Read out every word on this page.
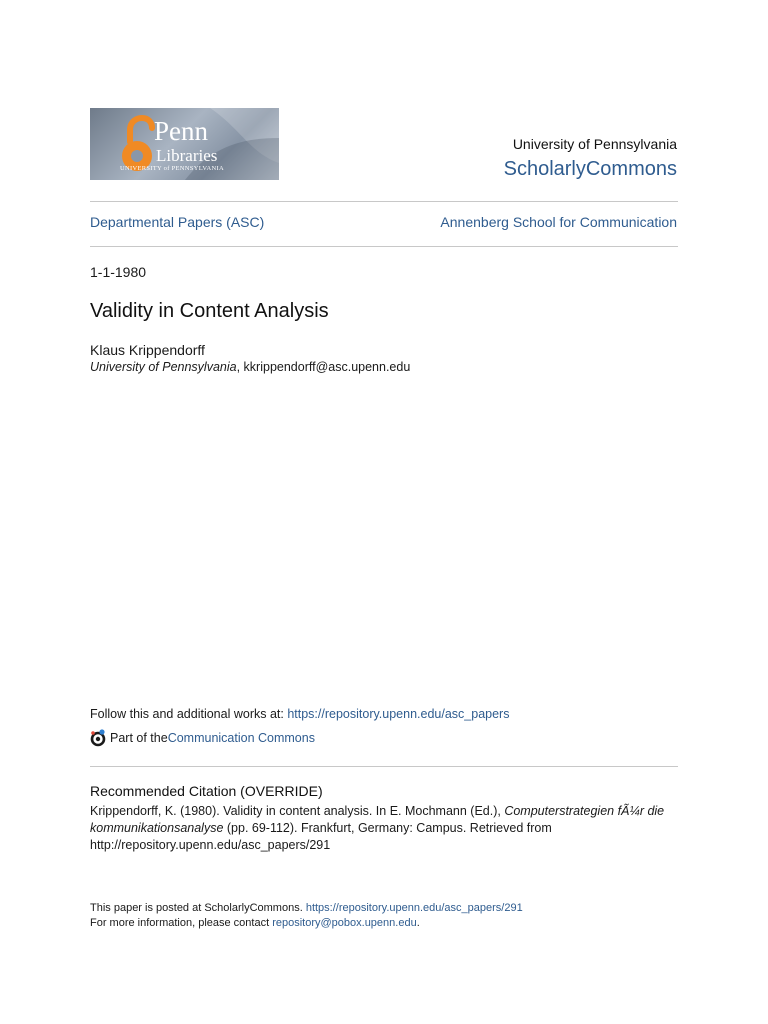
Penn
Libraries
UNIVERSITY of PENNSYLVANIA
University of Pennsylvania
ScholarlyCommons
Departmental Papers (ASC)	Annenberg School for Communication
1-1-1980
Validity in Content Analysis
Klaus Krippendorff
University of Pennsylvania, kkrippendorff@asc.upenn.edu
Follow this and additional works at: https://repository.upenn.edu/asc_papers
Part of the Communication Commons
Recommended Citation (OVERRIDE)
Krippendorff, K. (1980). Validity in content analysis. In E. Mochmann (Ed.), Computerstrategien fÃ¼r die kommunikationsanalyse (pp. 69-112). Frankfurt, Germany: Campus. Retrieved from http://repository.upenn.edu/asc_papers/291
This paper is posted at ScholarlyCommons. https://repository.upenn.edu/asc_papers/291
For more information, please contact repository@pobox.upenn.edu.
